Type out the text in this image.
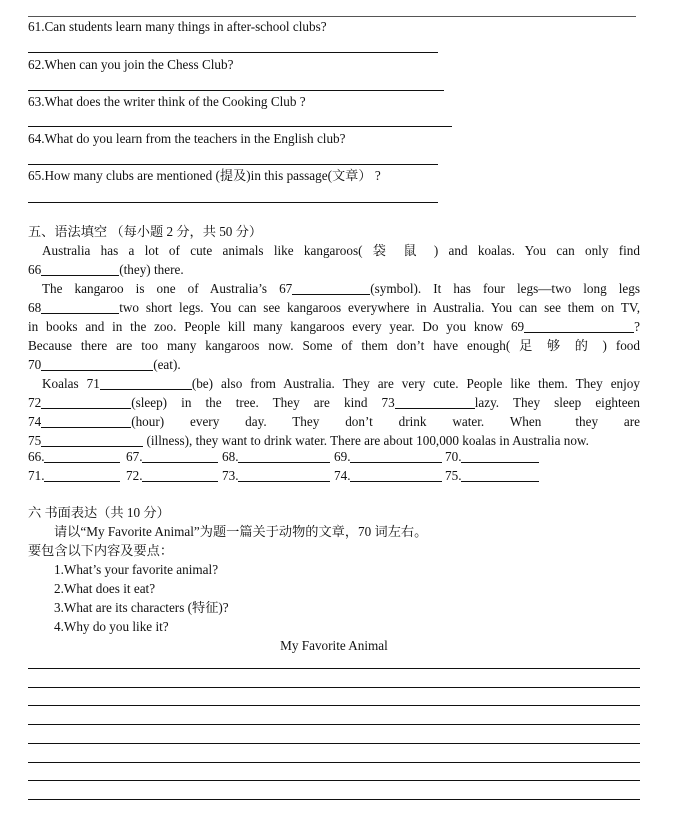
61.Can students learn many things in after-school clubs?
62.When can you join the Chess Club?
63.What does the writer think of the Cooking Club ?
64.What do you learn from the teachers in the English club?
65.How many clubs are mentioned (提及)in this passage(文章） ?
五、语法填空 （每小题 2 分，共 50 分）
Australia has a lot of cute animals like kangaroos( 袋 鼠 ) and koalas. You can only find
66	(they) there.
The kangaroo is one of Australia’s 67	(symbol). It has four legs—two long legs
68	two short legs. You can see kangaroos everywhere in Australia. You can see them on TV,
in books and in the zoo. People kill many kangaroos every year. Do you know 69	?
Because there are too many kangaroos now. Some of them don’t have enough( 足 够 的 ) food
70	(eat).
Koalas 71	(be) also from Australia. They are very cute. People like them. They enjoy
72	(sleep) in the tree. They are kind 73	lazy. They sleep eighteen
74	(hour) every day. They don’t drink water. When	they are
75	(illness), they want to drink water. There are about 100,000 koalas in Australia now.
66.	67.	68.	69.	70.
71.	72.	73.	74.	75.
六 书面表达（共 10 分）
请以“My Favorite Animal”为题一篇关于动物的文章，70 词左右。
要包含以下内容及要点：
1.What’s your favorite animal?
2.What does it eat?
3.What are its characters (特征)?
4.Why do you like it?
My Favorite Animal
